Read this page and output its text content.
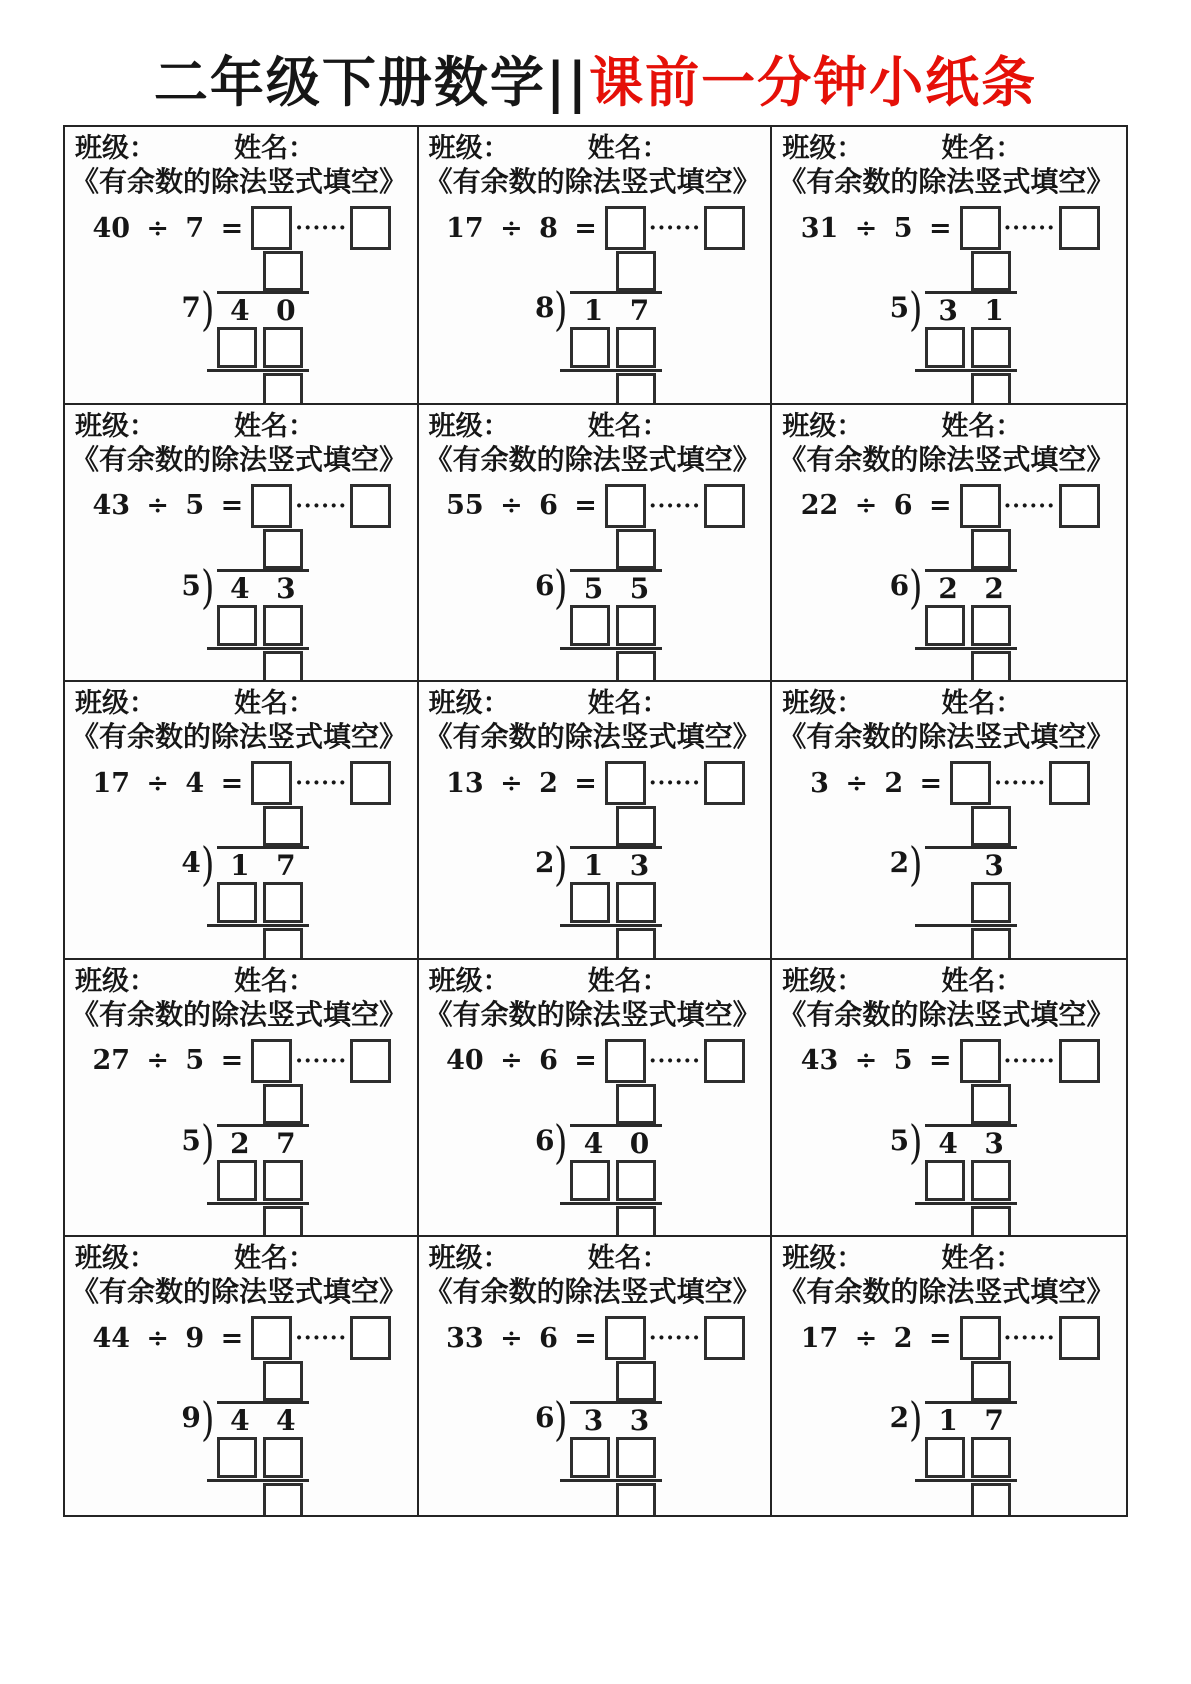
二年级下册数学||课前一分钟小纸条
班级：	姓名：
《有余数的除法竖式填空》
40 ÷ 7 = ······
7 ) 4 0
班级：	姓名：
《有余数的除法竖式填空》
17 ÷ 8 = ······
8 ) 1 7
班级：	姓名：
《有余数的除法竖式填空》
31 ÷ 5 = ······
5 ) 3 1
班级：	姓名：
《有余数的除法竖式填空》
43 ÷ 5 = ······
5 ) 4 3
班级：	姓名：
《有余数的除法竖式填空》
55 ÷ 6 = ······
6 ) 5 5
班级：	姓名：
《有余数的除法竖式填空》
22 ÷ 6 = ······
6 ) 2 2
班级：	姓名：
《有余数的除法竖式填空》
17 ÷ 4 = ······
4 ) 1 7
班级：	姓名：
《有余数的除法竖式填空》
13 ÷ 2 = ······
2 ) 1 3
班级：	姓名：
《有余数的除法竖式填空》
3 ÷ 2 = ······
2 )	3
班级：	姓名：
《有余数的除法竖式填空》
27 ÷ 5 = ······
5 ) 2 7
班级：	姓名：
《有余数的除法竖式填空》
40 ÷ 6 = ······
6 ) 4 0
班级：	姓名：
《有余数的除法竖式填空》
43 ÷ 5 = ······
5 ) 4 3
班级：	姓名：
《有余数的除法竖式填空》
44 ÷ 9 = ······
9 ) 4 4
班级：	姓名：
《有余数的除法竖式填空》
33 ÷ 6 = ······
6 ) 3 3
班级：	姓名：
《有余数的除法竖式填空》
17 ÷ 2 = ······
2 ) 1 7
